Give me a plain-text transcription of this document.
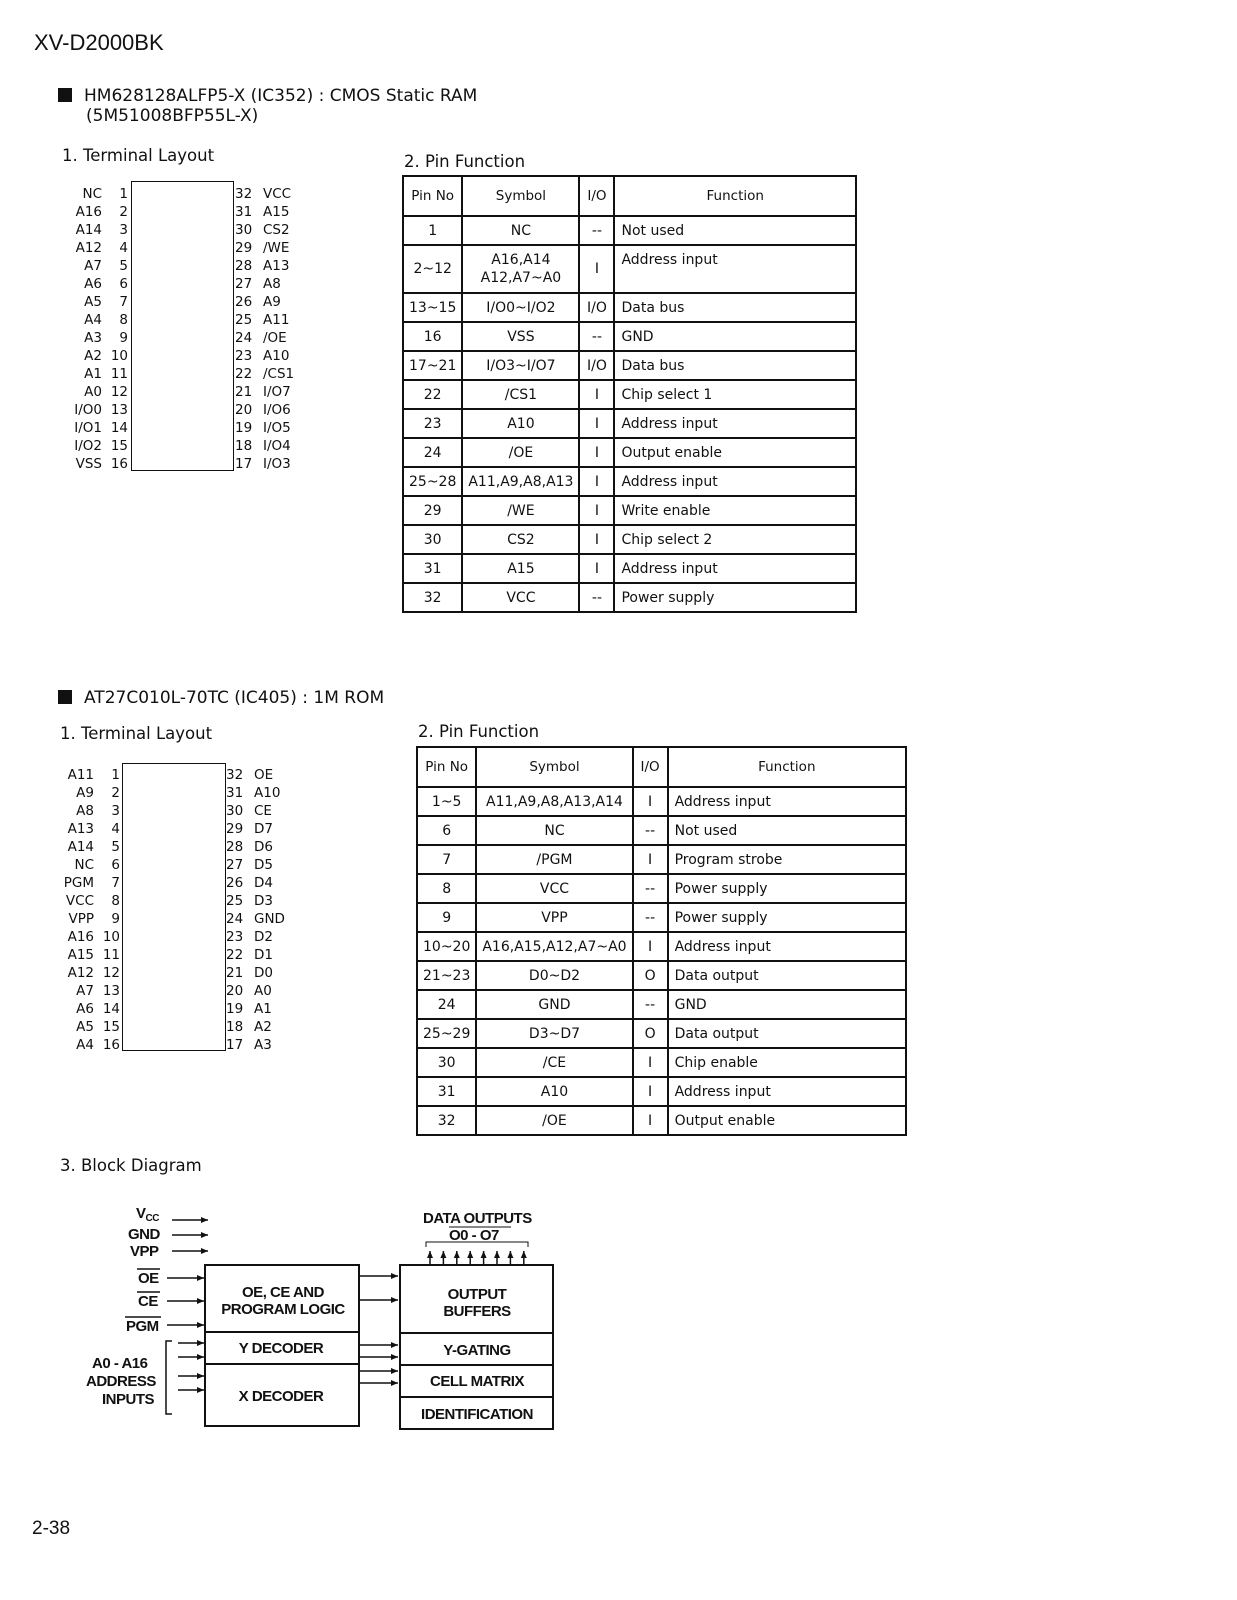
XV-D2000BK
2-38
HM628128ALFP5-X (IC352) : CMOS Static RAM
(5M51008BFP55L-X)
1. Terminal Layout	2. Pin Function
NC 1
A16 2
A14 3
A12 4
A7 5
A6 6
A5 7
A4 8
A3 9
A2 10
A1 11
A0 12
I/O0 13
I/O1 14
I/O2 15
VSS 16
32 VCC
31 A15
30 CS2
29 /WE
28 A13
27 A8
26 A9
25 A11
24 /OE
23 A10
22 /CS1
21 I/O7
20 I/O6
19 I/O5
18 I/O4
17 I/O3
Pin No	Symbol	I/O	Function
1	NC	--	Not used
2~12	A16,A14 A12,A7~A0	I	Address input
13~15	I/O0~I/O2	I/O	Data bus
16	VSS	--	GND
17~21	I/O3~I/O7	I/O	Data bus
22	/CS1	I	Chip select 1
23	A10	I	Address input
24	/OE	I	Output enable
25~28	A11,A9,A8,A13	I	Address input
29	/WE	I	Write enable
30	CS2	I	Chip select 2
31	A15	I	Address input
32	VCC	--	Power supply
AT27C010L-70TC (IC405) : 1M ROM
1. Terminal Layout	2. Pin Function
A11 1
A9 2
A8 3
A13 4
A14 5
NC 6
PGM 7
VCC 8
VPP 9
A16 10
A15 11
A12 12
A7 13
A6 14
A5 15
A4 16
32 OE
31 A10
30 CE
29 D7
28 D6
27 D5
26 D4
25 D3
24 GND
23 D2
22 D1
21 D0
20 A0
19 A1
18 A2
17 A3
Pin No	Symbol	I/O	Function
1~5	A11,A9,A8,A13,A14	I	Address input
6	NC	--	Not used
7	/PGM	I	Program strobe
8	VCC	--	Power supply
9	VPP	--	Power supply
10~20	A16,A15,A12,A7~A0	I	Address input
21~23	D0~D2	O	Data output
24	GND	--	GND
25~29	D3~D7	O	Data output
30	/CE	I	Chip enable
31	A10	I	Address input
32	/OE	I	Output enable
3. Block Diagram
$V_{CC}$
GND
VPP
OE
CE
PGM
A0 - A16
ADDRESS
INPUTS
DATA OUTPUTS
O0 - O7
OE, CE AND
PROGRAM LOGIC
Y DECODER
X DECODER
OUTPUT
BUFFERS
Y-GATING
CELL MATRIX
IDENTIFICATION
